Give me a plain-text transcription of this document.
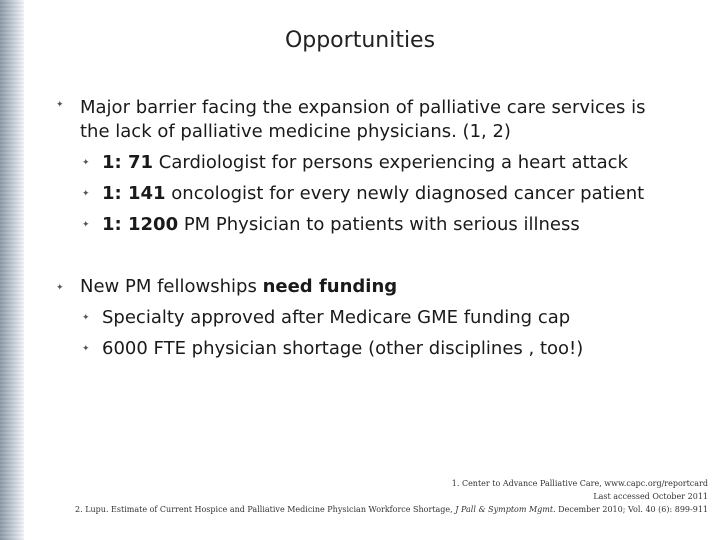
Opportunities
✦ Major barrier facing the expansion of palliative care services is
the lack of palliative medicine physicians. (1, 2)
✦ 1: 71 Cardiologist for persons experiencing a heart attack
✦ 1: 141 oncologist for every newly diagnosed cancer patient
✦ 1: 1200 PM Physician to patients with serious illness
✦ New PM fellowships need funding
✦ Specialty approved after Medicare GME funding cap
✦ 6000 FTE physician shortage (other disciplines , too!)
1. Center to Advance Palliative Care, www.capc.org/reportcard
Last accessed October 2011
2. Lupu. Estimate of Current Hospice and Palliative Medicine Physician Workforce Shortage, J Pall & Symptom Mgmt. December 2010; Vol. 40 (6): 899-911
